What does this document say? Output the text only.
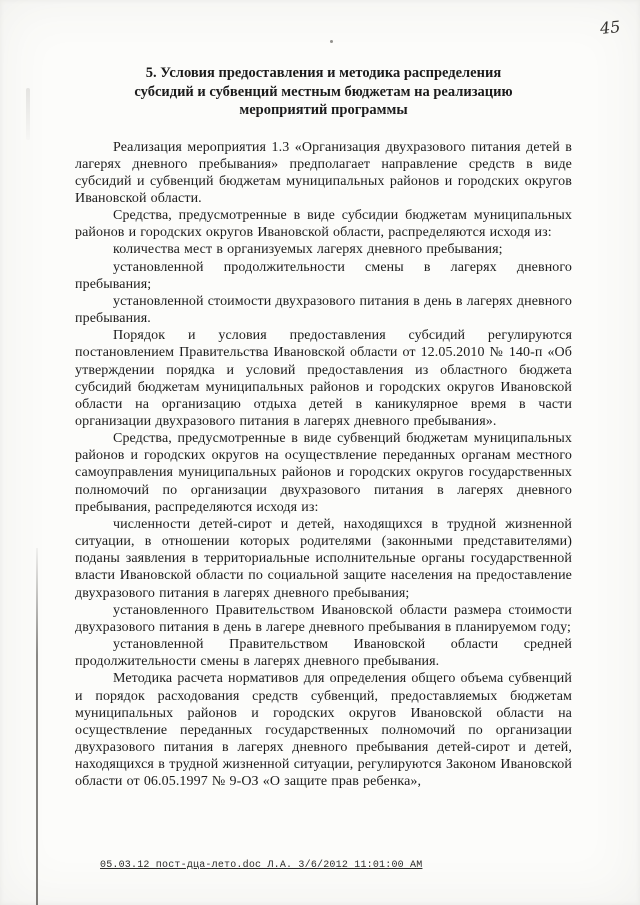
45
5. Условия предоставления и методика распределения субсидий и субвенций местным бюджетам на реализацию мероприятий программы

Реализация мероприятия 1.3 «Организация двухразового питания детей в лагерях дневного пребывания» предполагает направление средств в виде субсидий и субвенций бюджетам муниципальных районов и городских округов Ивановской области.

Средства, предусмотренные в виде субсидии бюджетам муниципальных районов и городских округов Ивановской области, распределяются исходя из:

количества мест в организуемых лагерях дневного пребывания;

установленной продолжительности смены в лагерях дневного пребывания;

установленной стоимости двухразового питания в день в лагерях дневного пребывания.

Порядок и условия предоставления субсидий регулируются постановлением Правительства Ивановской области от 12.05.2010 № 140-п «Об утверждении порядка и условий предоставления из областного бюджета субсидий бюджетам муниципальных районов и городских округов Ивановской области на организацию отдыха детей в каникулярное время в части организации двухразового питания в лагерях дневного пребывания».

Средства, предусмотренные в виде субвенций бюджетам муниципальных районов и городских округов на осуществление переданных органам местного самоуправления муниципальных районов и городских округов государственных полномочий по организации двухразового питания в лагерях дневного пребывания, распределяются исходя из:

численности детей-сирот и детей, находящихся в трудной жизненной ситуации, в отношении которых родителями (законными представителями) поданы заявления в территориальные исполнительные органы государственной власти Ивановской области по социальной защите населения на предоставление двухразового питания в лагерях дневного пребывания;

установленного Правительством Ивановской области размера стоимости двухразового питания в день в лагере дневного пребывания в планируемом году;

установленной Правительством Ивановской области средней продолжительности смены в лагерях дневного пребывания.

Методика расчета нормативов для определения общего объема субвенций и порядок расходования средств субвенций, предоставляемых бюджетам муниципальных районов и городских округов Ивановской области на осуществление переданных государственных полномочий по организации двухразового питания в лагерях дневного пребывания детей-сирот и детей, находящихся в трудной жизненной ситуации, регулируются Законом Ивановской области от 06.05.1997 № 9-ОЗ «О защите прав ребенка»,

05.03.12 пост-дца-лето.doc Л.А. 3/6/2012 11:01:00 AM
